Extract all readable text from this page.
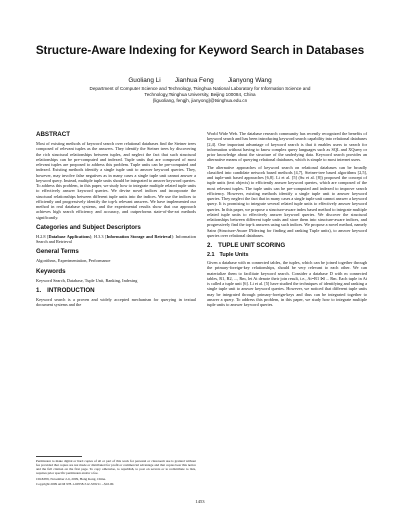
Structure-Aware Indexing for Keyword Search in Databases
Guoliang Li Jianhua Feng Jianyong Wang
Department of Computer Science and Technology, Tsinghua National Laboratory for Information Science and
Technology,Tsinghua University, Beijing 100084, China
{liguoliang, fengjh, jianyong}@tsinghua.edu.cn
ABSTRACT

Most of existing methods of keyword search over relational databases find the Steiner trees composed of relevant tuples as the answers. They identify the Steiner trees by discovering the rich structural relationships between tuples, and neglect the fact that such structural relationships can be pre-computed and indexed. Tuple units that are composed of most relevant tuples are proposed to address this problem. Tuple units can be pre-computed and indexed. Existing methods identify a single tuple unit to answer keyword queries. They, however, may involve false negatives as in many cases a single tuple unit cannot answer a keyword query. Instead, multiple tuple units should be integrated to answer keyword queries. To address this problem, in this paper, we study how to integrate multiple related tuple units to effectively answer keyword queries. We devise novel indices and incorporate the structural relationships between different tuple units into the indices. We use the indices to efficiently and progressively identify the top-k relevant answers. We have implemented our method in real database systems, and the experimental results show that our approach achieves high search efficiency and accuracy, and outperforms state-of-the-art methods significantly.

Categories and Subject Descriptors

H.2.8 [Database Applications]; H.3.3 [Information Storage and Retrieval]: Information Search and Retrieval

General Terms

Algorithms, Experimentation, Performance

Keywords

Keyword Search, Database, Tuple Unit, Ranking, Indexing

1. INTRODUCTION

Keyword search is a proven and widely accepted mechanism for querying in textual document systems and the

Permission to make digital or hard copies of all or part of this work for personal or classroom use is granted without fee provided that copies are not made or distributed for profit or commercial advantage and that copies bear this notice and the full citation on the first page. To copy otherwise, to republish, to post on servers or to redistribute to lists, requires prior specific permission and/or a fee.

CIKM'09, November 2-6, 2009, Hong Kong, China.

Copyright 2009 ACM 978-1-60558-512-3/09/11 ...$10.00.

World Wide Web. The database research community has recently recognized the benefits of keyword search and has been introducing keyword search capability into relational databases [2,4]. One important advantage of keyword search is that it enables users to search for information without having to know complex query languages such as SQL and XQuery or prior knowledge about the structure of the underlying data. Keyword search provides an alternative means of querying relational databases, which is simple to most internet users.

The alternative approaches of keyword search on relational databases can be broadly classified into candidate network based methods [4,7], Steiner-tree based algorithms [2,5], and tuple-unit based approaches [6,8]. Li et al. [5] (Su et al. [8]) proposed the concept of tuple units (text objects) to efficiently answer keyword queries, which are composed of the most relevant tuples. The tuple units can be pre-computed and indexed to improve search efficiency. However, existing methods identify a single tuple unit to answer keyword queries. They neglect the fact that in many cases a single tuple unit cannot answer a keyword query. It is promising to integrate several related tuple units to effectively answer keyword queries. In this paper, we propose a structure-aware index based method to integrate multiple related tuple units to effectively answer keyword queries. We discover the structural relationships between different tuple units and store them into structure-aware indices, and progressively find the top-k answers using such indices. We propose a novel method, namely Sainr (Structure-Aware INdexing for finding and ranking Tuple units), to answer keyword queries over relational databases.

2. TUPLE UNIT SCORING
2.1 Tuple Units

Given a database with m connected tables, the tuples, which can be joined together through the primary-foreign-key relationships, should be very relevant to each other. We can materialize them to facilitate keyword search. Consider a database D with m connected tables, R1, R2, ..., Rm, let At denote their join result, i.e., At=R1 ⋈ ... Rm. Each tuple in At is called a tuple unit [6]. Li et al. [5] have studied the techniques of identifying and ranking a single tuple unit to answer keyword queries. However, we noticed that different tuple units may be integrated through primary-foreign-keys and thus can be integrated together to answer a query. To address this problem, in this paper, we study how to integrate multiple tuple units to answer keyword queries.

1453
